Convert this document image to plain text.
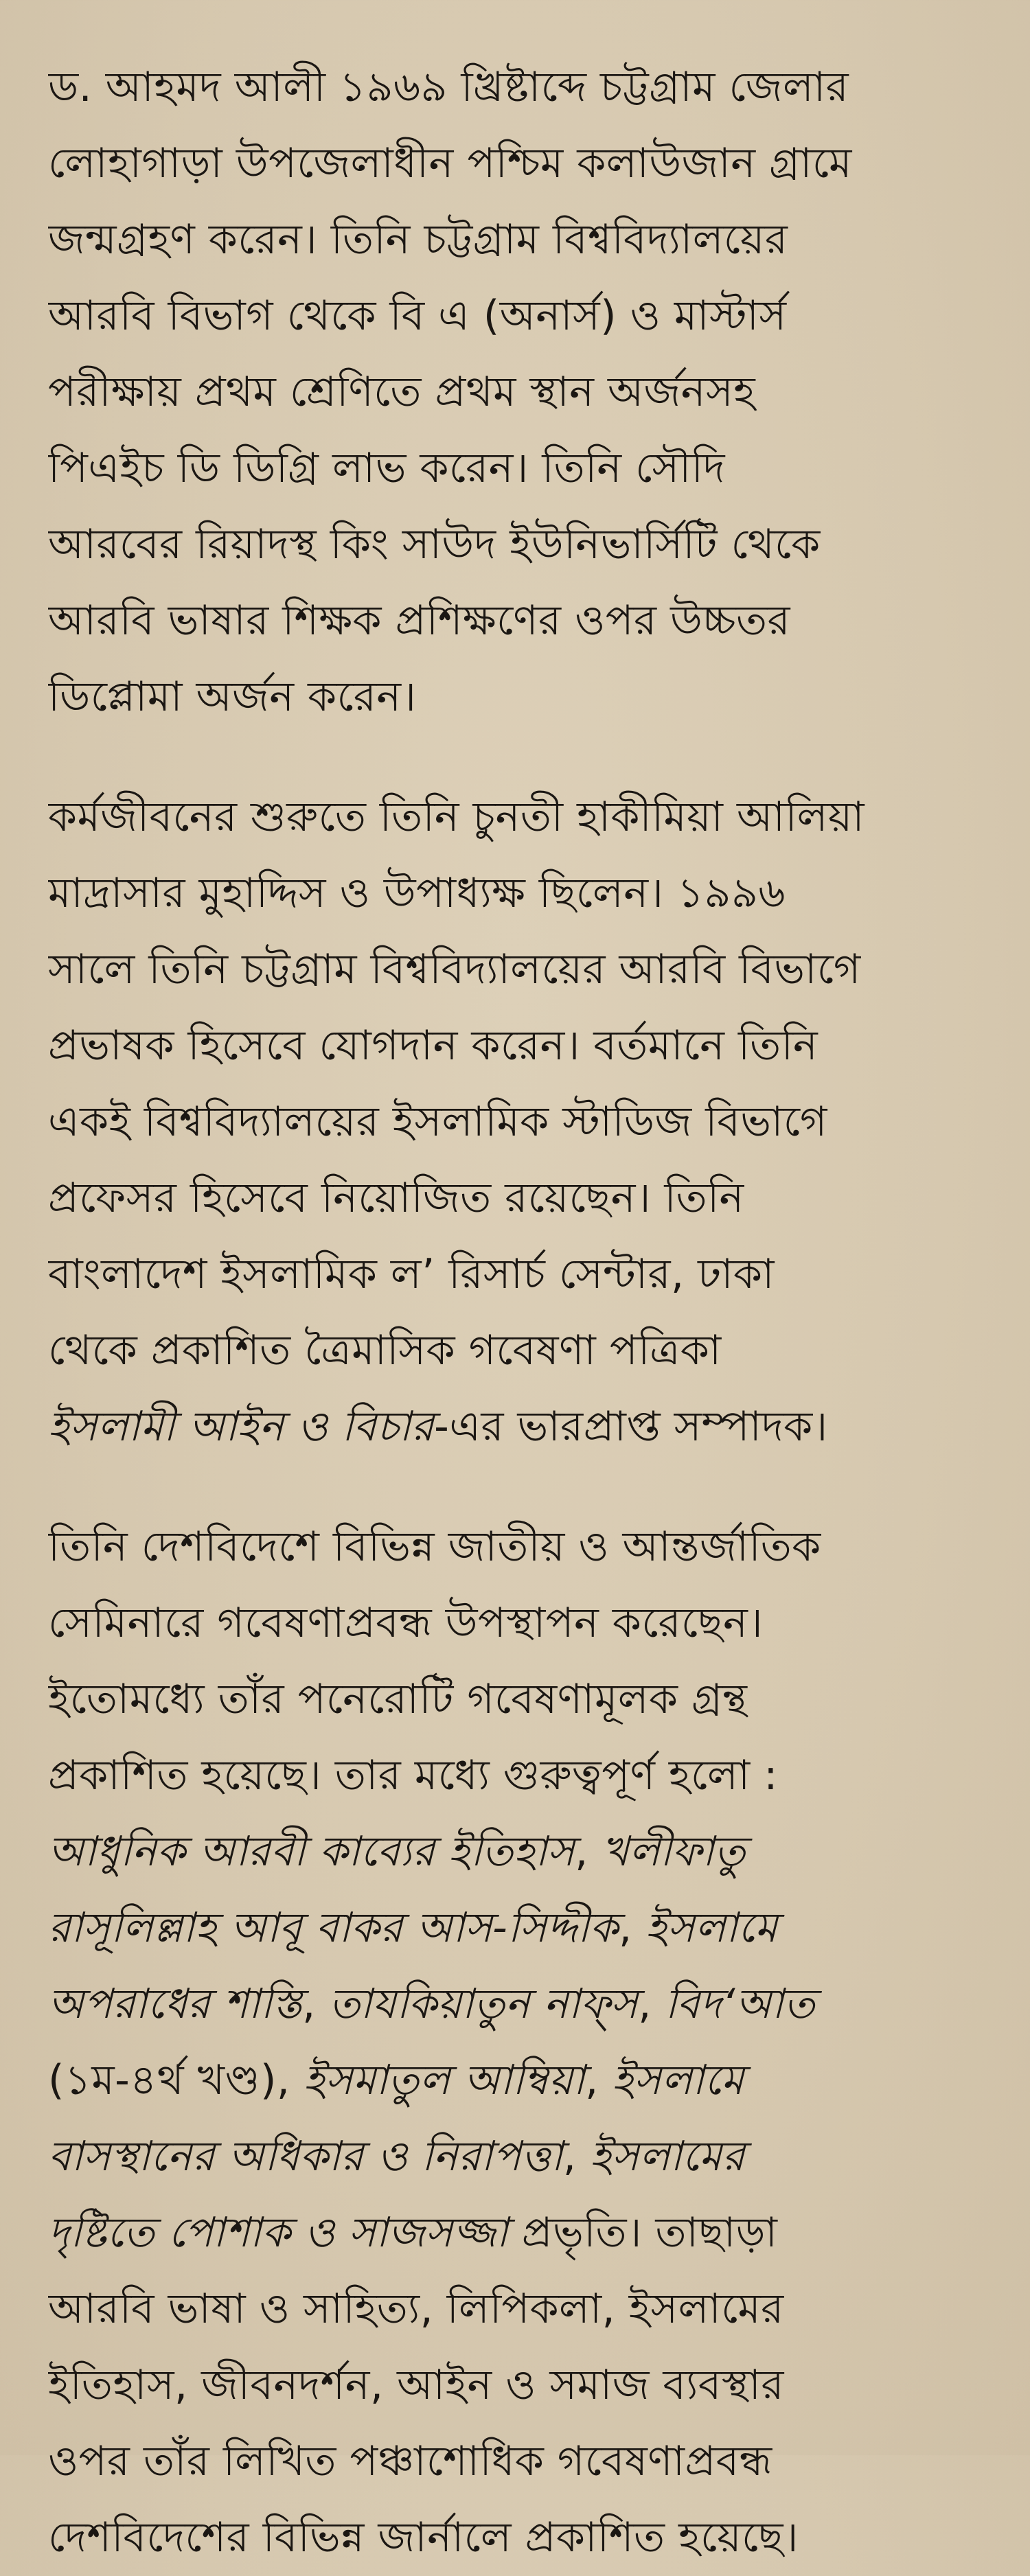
ড. আহমদ আলী ১৯৬৯ খ্রিষ্টাব্দে চট্টগ্রাম জেলার
লোহাগাড়া উপজেলাধীন পশ্চিম কলাউজান গ্রামে
জন্মগ্রহণ করেন। তিনি চট্টগ্রাম বিশ্ববিদ্যালয়ের
আরবি বিভাগ থেকে বি এ (অনার্স) ও মাস্টার্স
পরীক্ষায় প্রথম শ্রেণিতে প্রথম স্থান অর্জনসহ
পিএইচ ডি ডিগ্রি লাভ করেন। তিনি সৌদি
আরবের রিয়াদস্থ কিং সাউদ ইউনিভার্সিটি থেকে
আরবি ভাষার শিক্ষক প্রশিক্ষণের ওপর উচ্চতর
ডিপ্লোমা অর্জন করেন।

কর্মজীবনের শুরুতে তিনি চুনতী হাকীমিয়া আলিয়া
মাদ্রাসার মুহাদ্দিস ও উপাধ্যক্ষ ছিলেন। ১৯৯৬
সালে তিনি চট্টগ্রাম বিশ্ববিদ্যালয়ের আরবি বিভাগে
প্রভাষক হিসেবে যোগদান করেন। বর্তমানে তিনি
একই বিশ্ববিদ্যালয়ের ইসলামিক স্টাডিজ বিভাগে
প্রফেসর হিসেবে নিয়োজিত রয়েছেন। তিনি
বাংলাদেশ ইসলামিক ল’ রিসার্চ সেন্টার, ঢাকা
থেকে প্রকাশিত ত্রৈমাসিক গবেষণা পত্রিকা
ইসলামী আইন ও বিচার-এর ভারপ্রাপ্ত সম্পাদক।

তিনি দেশবিদেশে বিভিন্ন জাতীয় ও আন্তর্জাতিক
সেমিনারে গবেষণাপ্রবন্ধ উপস্থাপন করেছেন।
ইতোমধ্যে তাঁর পনেরোটি গবেষণামূলক গ্রন্থ
প্রকাশিত হয়েছে। তার মধ্যে গুরুত্বপূর্ণ হলো :
আধুনিক আরবী কাব্যের ইতিহাস, খলীফাতু
রাসূলিল্লাহ আবূ বাকর আস-সিদ্দীক, ইসলামে
অপরাধের শাস্তি, তাযকিয়াতুন নাফ্স, বিদ‘আত
(১ম-৪র্থ খণ্ড), ইসমাতুল আম্বিয়া, ইসলামে
বাসস্থানের অধিকার ও নিরাপত্তা, ইসলামের
দৃষ্টিতে পোশাক ও সাজসজ্জা প্রভৃতি। তাছাড়া
আরবি ভাষা ও সাহিত্য, লিপিকলা, ইসলামের
ইতিহাস, জীবনদর্শন, আইন ও সমাজ ব্যবস্থার
ওপর তাঁর লিখিত পঞ্চাশোধিক গবেষণাপ্রবন্ধ
দেশবিদেশের বিভিন্ন জার্নালে প্রকাশিত হয়েছে।
